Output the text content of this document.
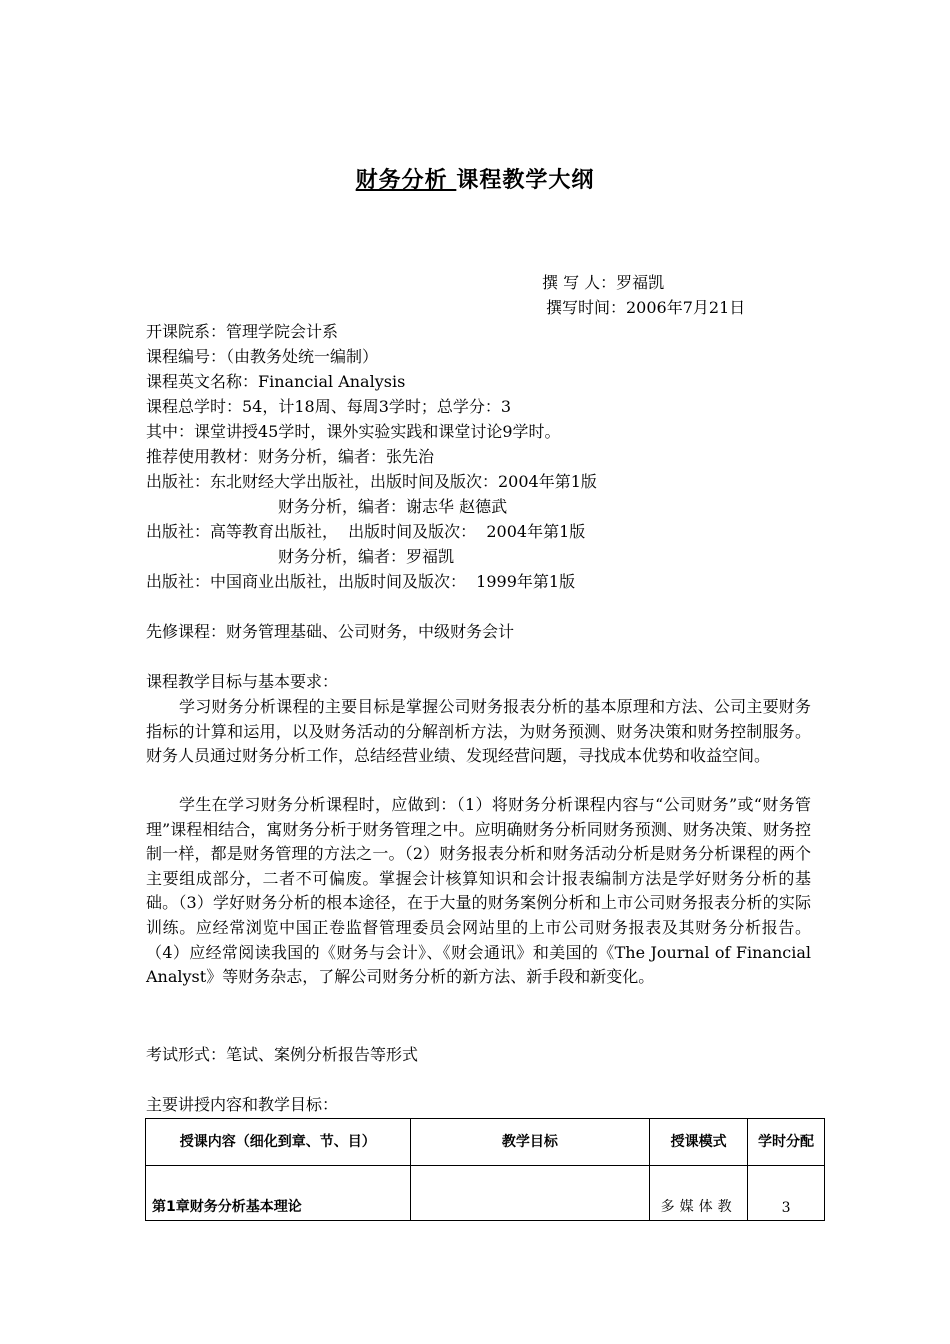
财务分析 课程教学大纲
撰 写 人：罗福凯
撰写时间：2006年7月21日
开课院系：管理学院会计系
课程编号：（由教务处统一编制）
课程英文名称：Financial Analysis
课程总学时：54，计18周、每周3学时；总学分：3
其中：课堂讲授45学时，课外实验实践和课堂讨论9学时。
推荐使用教材：财务分析，编者：张先治
出版社：东北财经大学出版社，出版时间及版次：2004年第1版
财务分析，编者：谢志华 赵德武
出版社：高等教育出版社，  出版时间及版次：  2004年第1版
财务分析，编者：罗福凯
出版社：中国商业出版社，出版时间及版次：  1999年第1版
先修课程：财务管理基础、公司财务，中级财务会计
课程教学目标与基本要求：
学习财务分析课程的主要目标是掌握公司财务报表分析的基本原理和方法、公司主要财务指标的计算和运用，以及财务活动的分解剖析方法，为财务预测、财务决策和财务控制服务。财务人员通过财务分析工作，总结经营业绩、发现经营问题，寻找成本优势和收益空间。
学生在学习财务分析课程时，应做到：（1）将财务分析课程内容与“公司财务”或“财务管理”课程相结合，寓财务分析于财务管理之中。应明确财务分析同财务预测、财务决策、财务控制一样，都是财务管理的方法之一。（2）财务报表分析和财务活动分析是财务分析课程的两个主要组成部分，二者不可偏废。掌握会计核算知识和会计报表编制方法是学好财务分析的基础。（3）学好财务分析的根本途径，在于大量的财务案例分析和上市公司财务报表分析的实际训练。应经常浏览中国正卷监督管理委员会网站里的上市公司财务报表及其财务分析报告。（4）应经常阅读我国的《财务与会计》、《财会通讯》和美国的《The Journal of Financial Analyst》等财务杂志，了解公司财务分析的新方法、新手段和新变化。
考试形式：笔试、案例分析报告等形式
主要讲授内容和教学目标：
授课内容（细化到章、节、目）	教学目标	授课模式	学时分配
第1章财务分析基本理论		多媒体教	3
